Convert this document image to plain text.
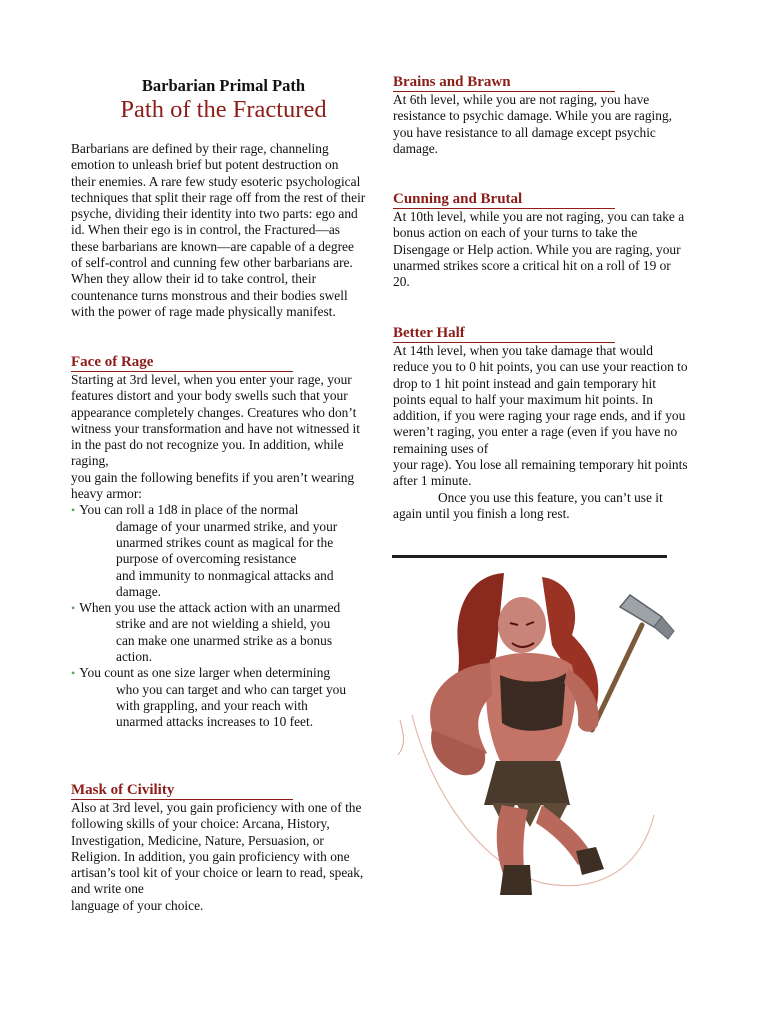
Barbarian Primal Path
Path of the Fractured
Barbarians are defined by their rage, channeling
emotion to unleash brief but potent destruction on
their enemies. A rare few study esoteric psychological
techniques that split their rage off from the rest of their
psyche, dividing their identity into two parts: ego and
id. When their ego is in control, the Fractured—as
these barbarians are known—are capable of a degree
of self-control and cunning few other barbarians are.
When they allow their id to take control, their
countenance turns monstrous and their bodies swell
with the power of rage made physically manifest.

Face of Rage

Starting at 3rd level, when you enter your rage, your
features distort and your body swells such that your
appearance completely changes. Creatures who don’t
witness your transformation and have not witnessed it
in the past do not recognize you. In addition, while
raging,
you gain the following benefits if you aren’t wearing
heavy armor:
• You can roll a 1d8 in place of the normal
damage of your unarmed strike, and your
unarmed strikes count as magical for the
purpose of overcoming resistance
and immunity to nonmagical attacks and
damage.
• When you use the attack action with an unarmed
strike and are not wielding a shield, you
can make one unarmed strike as a bonus
action.
• You count as one size larger when determining
who you can target and who can target you
with grappling, and your reach with
unarmed attacks increases to 10 feet.

Mask of Civility

Also at 3rd level, you gain proficiency with one of the
following skills of your choice: Arcana, History,
Investigation, Medicine, Nature, Persuasion, or
Religion. In addition, you gain proficiency with one
artisan’s tool kit of your choice or learn to read, speak,
and write one
language of your choice.

Brains and Brawn

At 6th level, while you are not raging, you have
resistance to psychic damage. While you are raging,
you have resistance to all damage except psychic
damage.

Cunning and Brutal

At 10th level, while you are not raging, you can take a
bonus action on each of your turns to take the
Disengage or Help action. While you are raging, your
unarmed strikes score a critical hit on a roll of 19 or
20.

Better Half

At 14th level, when you take damage that would
reduce you to 0 hit points, you can use your reaction to
drop to 1 hit point instead and gain temporary hit
points equal to half your maximum hit points. In
addition, if you were raging your rage ends, and if you
weren’t raging, you enter a rage (even if you have no
remaining uses of
your rage). You lose all remaining temporary hit points
after 1 minute.
Once you use this feature, you can’t use it
again until you finish a long rest.
